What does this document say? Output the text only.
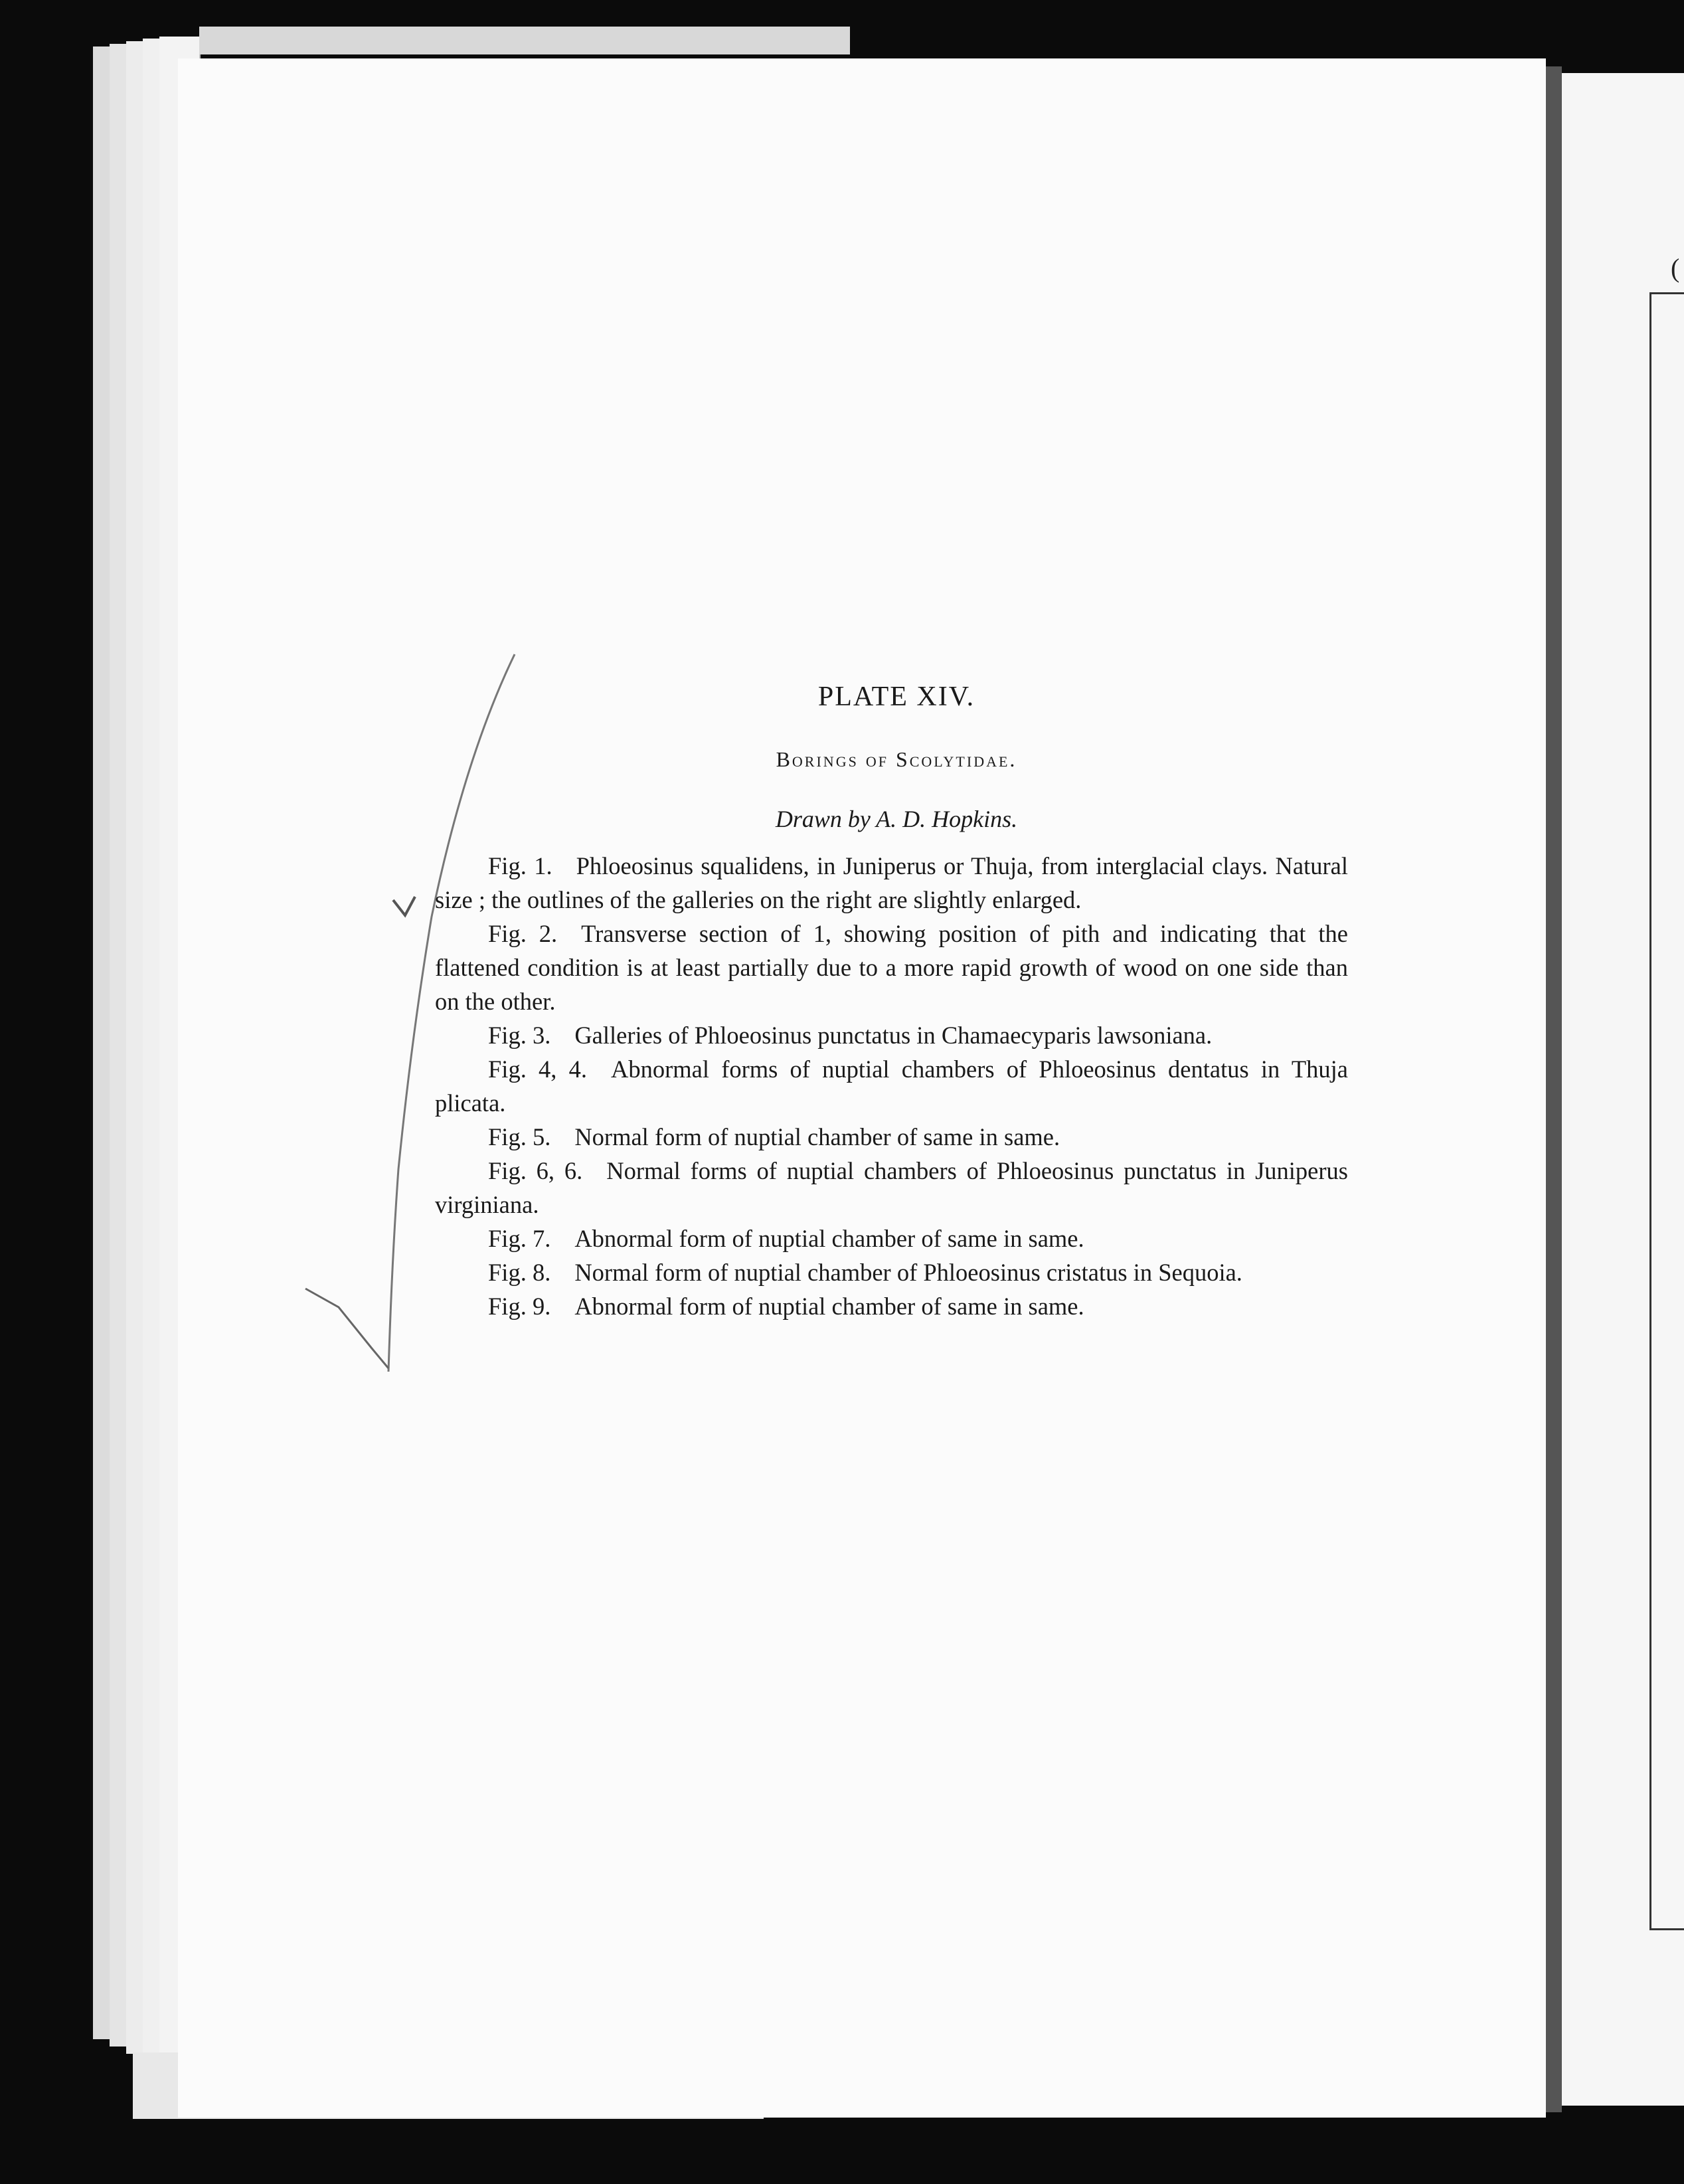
(
PLATE XIV.
Borings of Scolytidae.
Drawn by A. D. Hopkins.

Fig. 1. Phloeosinus squalidens, in Juniperus or Thuja, from interglacial clays. Natural size ; the outlines of the galleries on the right are slightly enlarged.

Fig. 2. Transverse section of 1, showing position of pith and indicating that the flattened condition is at least partially due to a more rapid growth of wood on one side than on the other.

Fig. 3. Galleries of Phloeosinus punctatus in Chamaecyparis lawsoniana.

Fig. 4, 4. Abnormal forms of nuptial chambers of Phloeosinus dentatus in Thuja plicata.

Fig. 5. Normal form of nuptial chamber of same in same.

Fig. 6, 6. Normal forms of nuptial chambers of Phloeosinus punctatus in Juniperus virginiana.

Fig. 7. Abnormal form of nuptial chamber of same in same.

Fig. 8. Normal form of nuptial chamber of Phloeosinus cristatus in Sequoia.

Fig. 9. Abnormal form of nuptial chamber of same in same.
